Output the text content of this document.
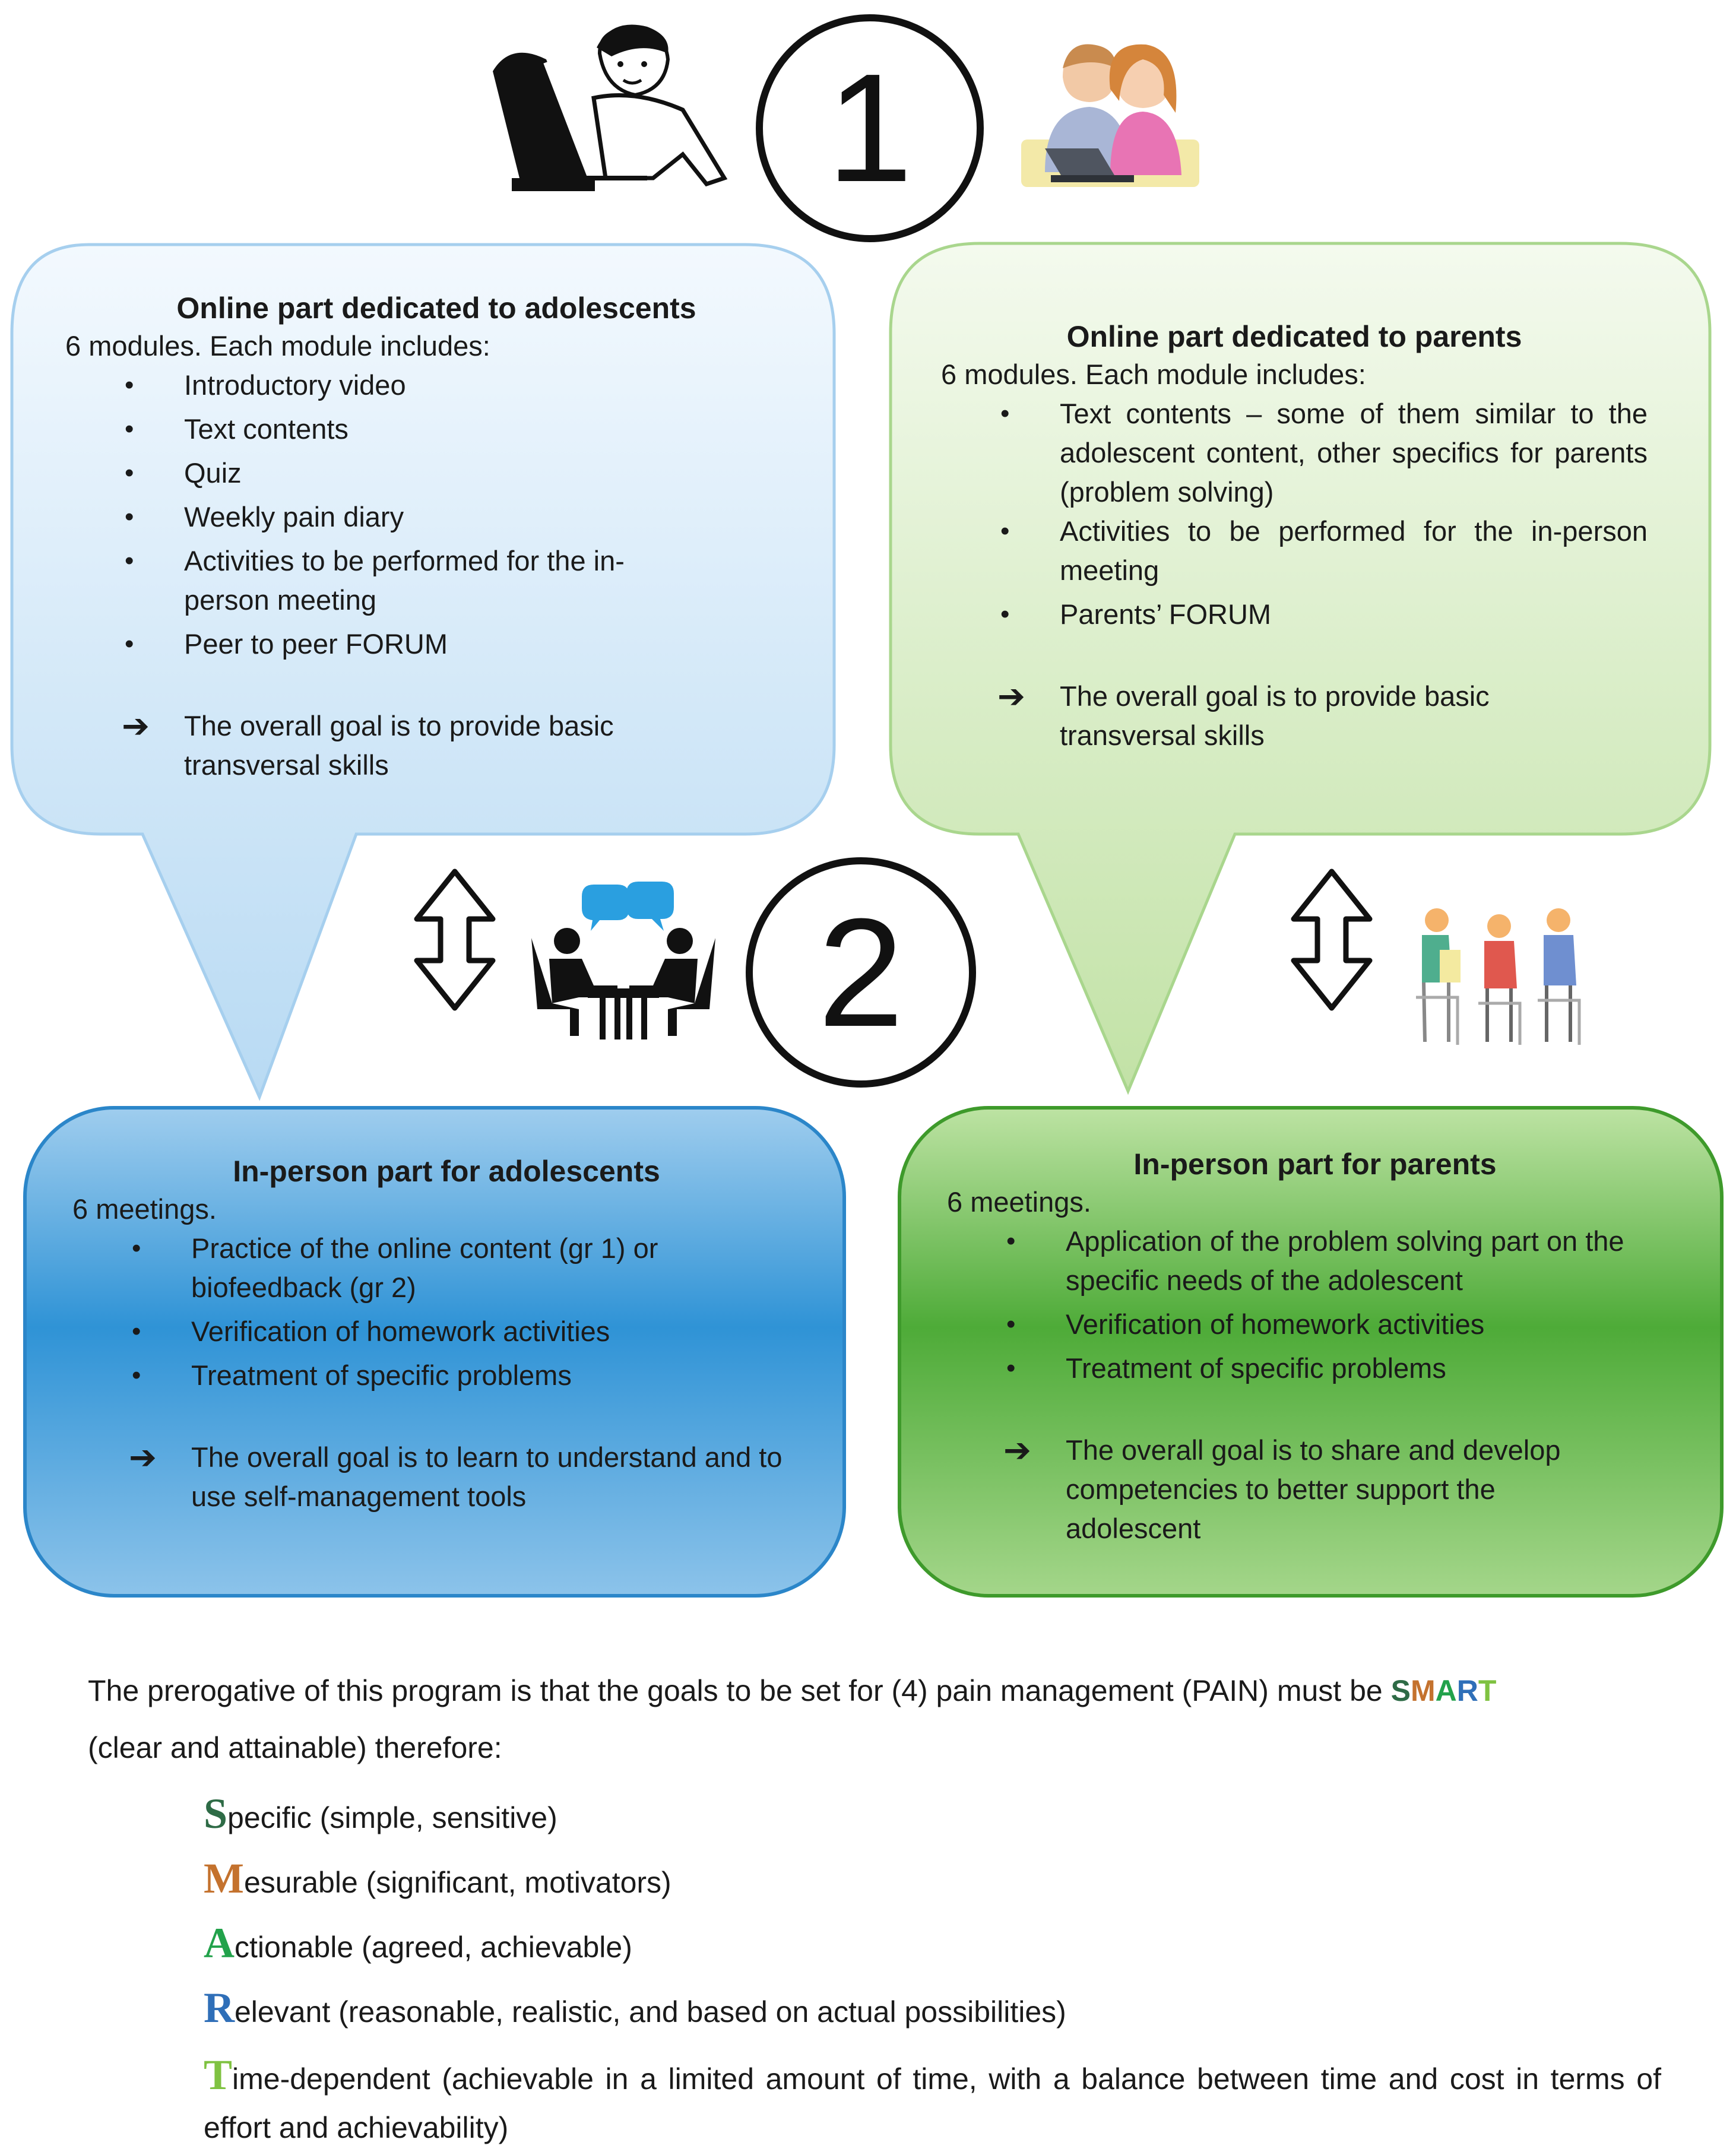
1
2
Online part dedicated to adolescents

6 modules. Each module includes:

• Introductory video
• Text contents
• Quiz
• Weekly pain diary
• Activities to be performed for the in-person meeting
• Peer to peer FORUM
➔ The overall goal is to provide basic transversal skills
Online part dedicated to parents

6 modules. Each module includes:

• Text contents – some of them similar to the adolescent content, other specifics for parents (problem solving)
• Activities to be performed for the in-person meeting
• Parents’ FORUM
➔ The overall goal is to provide basic transversal skills
In-person part for adolescents

6 meetings.

• Practice of the online content (gr 1) or biofeedback (gr 2)
• Verification of homework activities
• Treatment of specific problems
➔ The overall goal is to learn to understand and to use self-management tools
In-person part for parents

6 meetings.

• Application of the problem solving part on the specific needs of the adolescent
• Verification of homework activities
• Treatment of specific problems
➔ The overall goal is to share and develop competencies to better support the adolescent

The prerogative of this program is that the goals to be set for (4) pain management (PAIN) must be SMART
(clear and attainable) therefore:

Specific (simple, sensitive)
Mesurable (significant, motivators)
Actionable (agreed, achievable)
Relevant (reasonable, realistic, and based on actual possibilities)
Time-dependent (achievable in a limited amount of time, with a balance between time and cost in terms of effort and achievability)
